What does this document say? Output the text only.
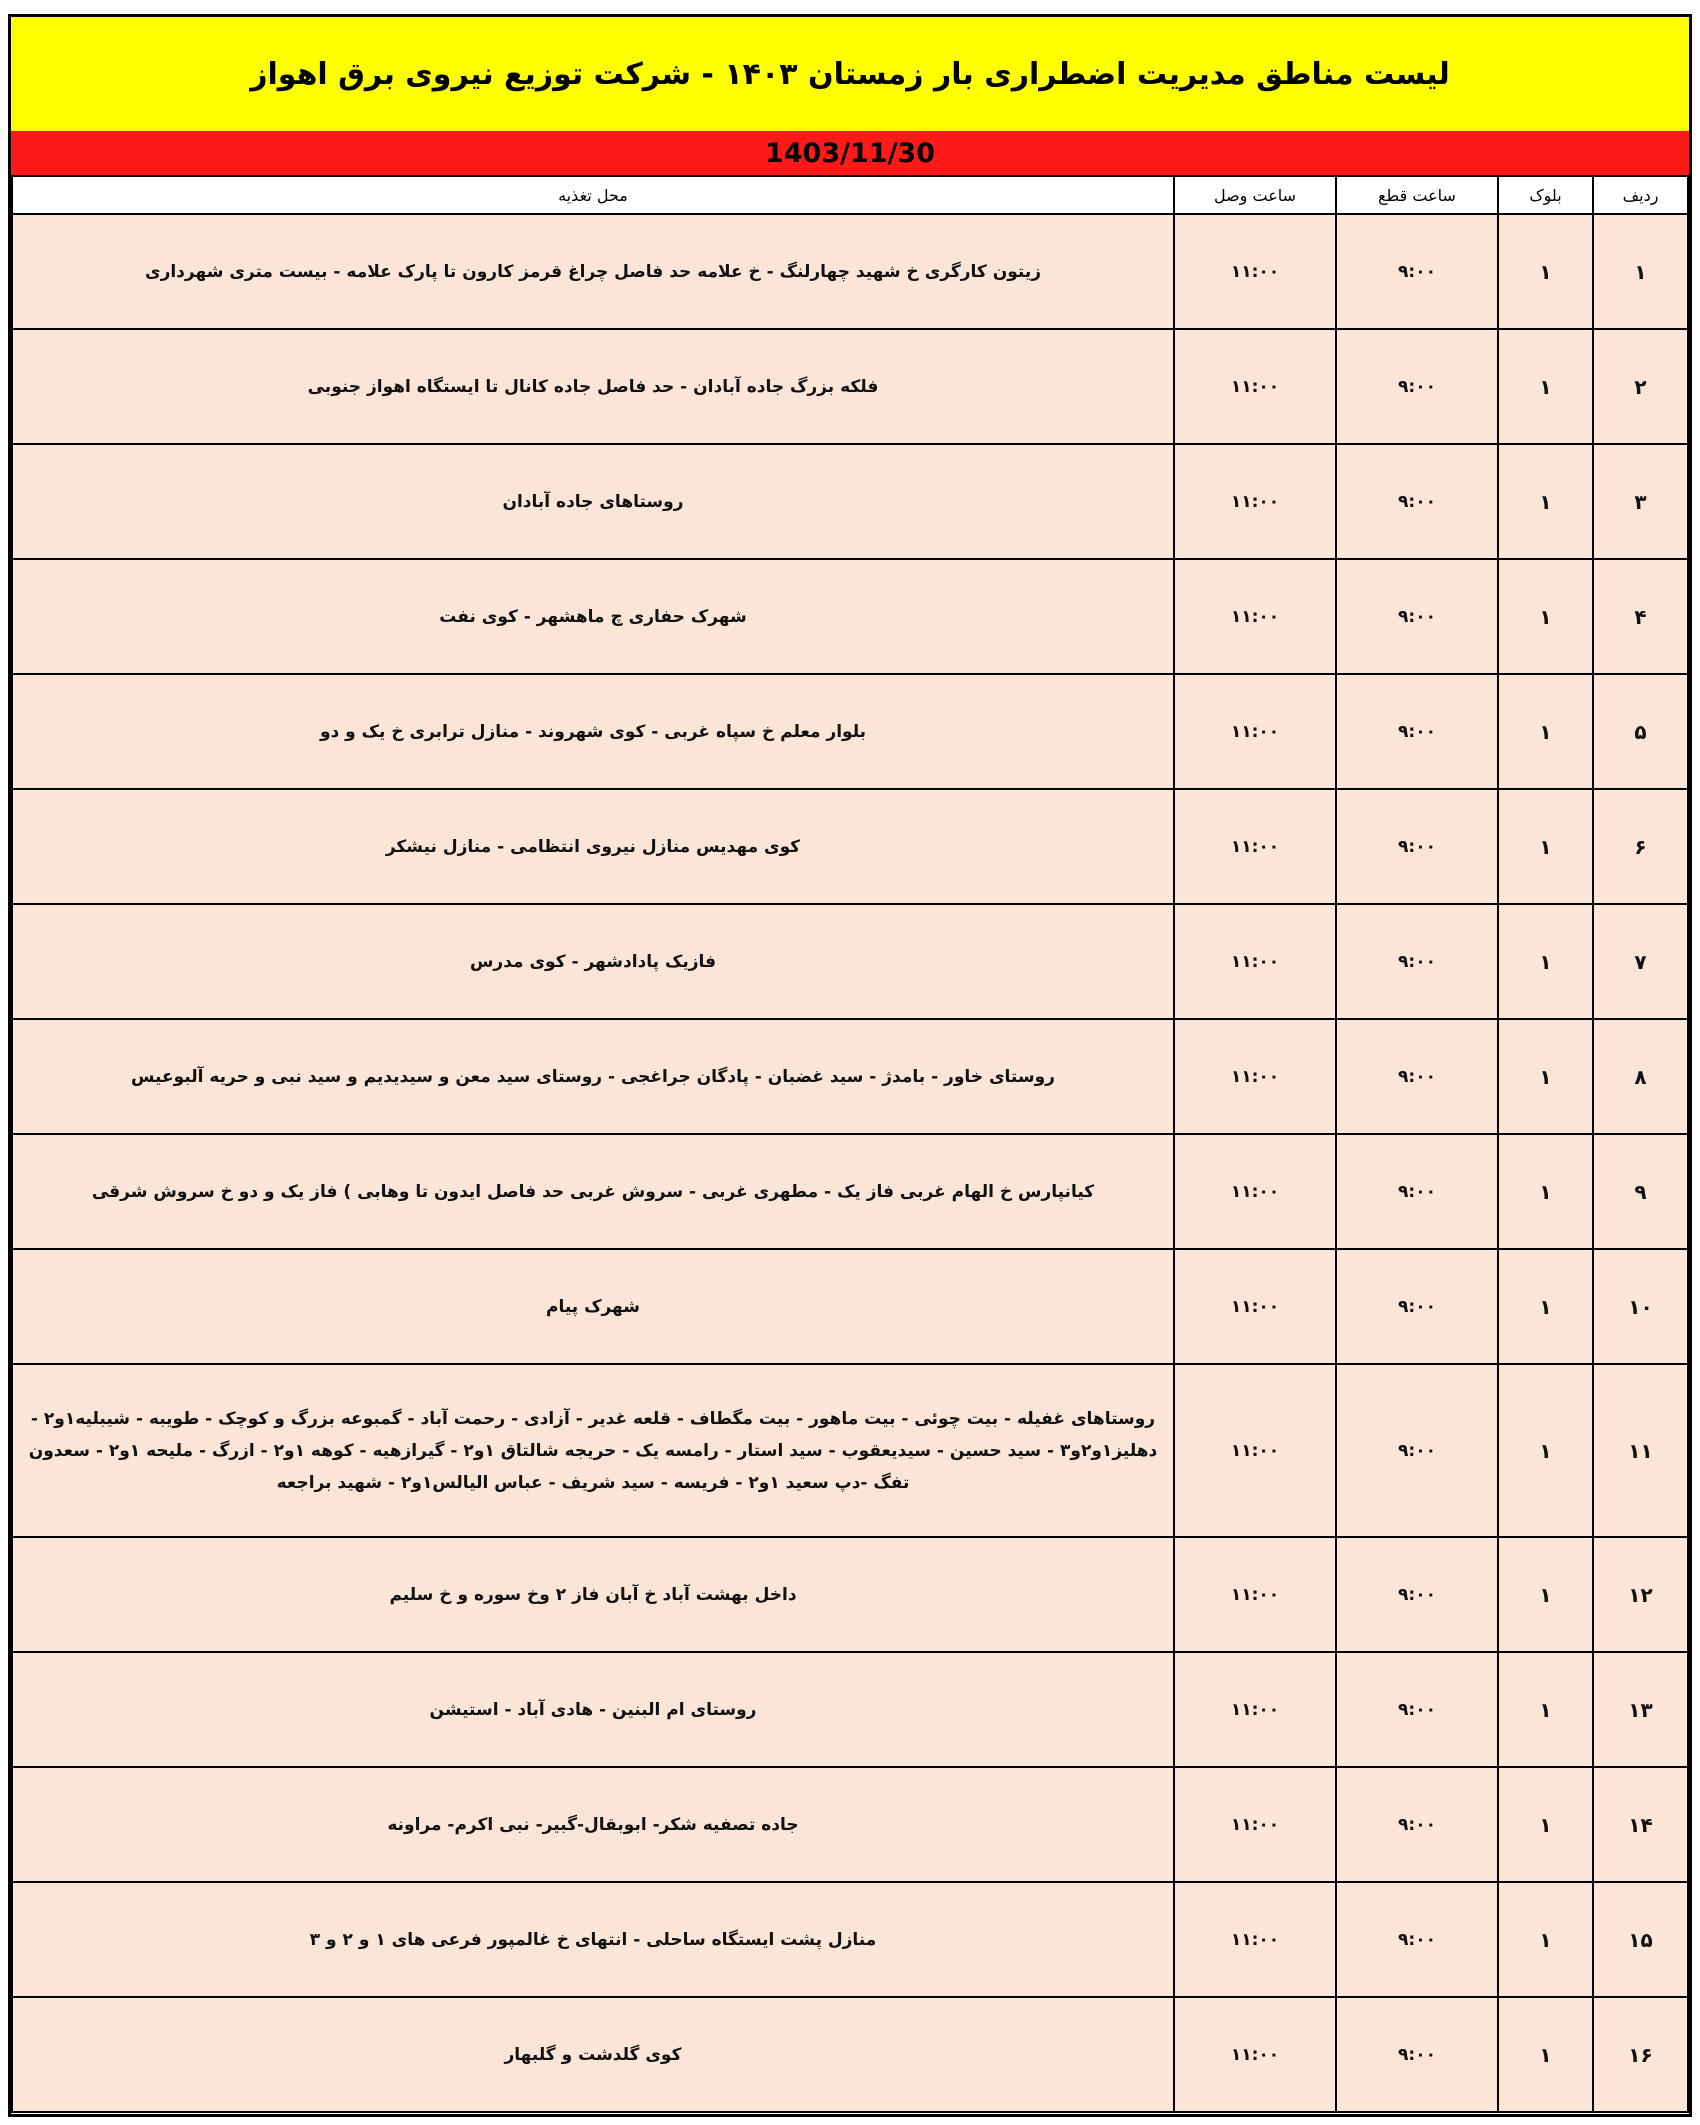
لیست مناطق مدیریت اضطراری بار زمستان ۱۴۰۳ - شرکت توزیع نیروی برق اهواز
1403/11/30
ردیف	بلوک	ساعت قطع	ساعت وصل	محل تغذیه
۱	۱	۹:۰۰	۱۱:۰۰	زیتون کارگری خ شهید چهارلنگ - خ علامه حد فاصل چراغ قرمز کارون تا پارک علامه - بیست متری شهرداری
۲	۱	۹:۰۰	۱۱:۰۰	فلکه بزرگ جاده آبادان - حد فاصل جاده کانال تا ایستگاه اهواز جنوبی
۳	۱	۹:۰۰	۱۱:۰۰	روستاهای جاده آبادان
۴	۱	۹:۰۰	۱۱:۰۰	شهرک حفاری چ ماهشهر - کوی نفت
۵	۱	۹:۰۰	۱۱:۰۰	بلوار معلم خ سپاه غربی - کوی شهروند - منازل ترابری خ یک و دو
۶	۱	۹:۰۰	۱۱:۰۰	کوی مهدیس منازل نیروی انتظامی - منازل نیشکر
۷	۱	۹:۰۰	۱۱:۰۰	فازیک پادادشهر - کوی مدرس
۸	۱	۹:۰۰	۱۱:۰۰	روستای خاور - بامدژ - سید غضبان - پادگان جراغجی - روستای سید معن و سیدیدیم و سید نبی و حریه آلبوعیس
۹	۱	۹:۰۰	۱۱:۰۰	کیانپارس خ الهام غربی فاز یک - مطهری غربی - سروش غربی حد فاصل ایدون تا وهابی ) فاز یک و دو خ سروش شرقی
۱۰	۱	۹:۰۰	۱۱:۰۰	شهرک پیام
۱۱	۱	۹:۰۰	۱۱:۰۰	روستاهای غفیله - بیت چوئی - بیت ماهور - بیت مگطاف - قلعه غدیر - آزادی - رحمت آباد - گمبوعه بزرگ و کوچک - طویبه - شیبلیه۱و۲ - دهلیز۱و۲و۳ - سید حسین - سیدیعقوب - سید استار - رامسه یک - حریجه شالتاق ۱و۲ - گیرازهیه - کوهه ۱و۲ - ازرگ - ملیحه ۱و۲ - سعدون تفگ -دپ سعید ۱و۲ - فریسه - سید شریف - عباس الیالس۱و۲ - شهید براجعه
۱۲	۱	۹:۰۰	۱۱:۰۰	داخل بهشت آباد خ آبان فاز ۲ وخ سوره و خ سلیم
۱۳	۱	۹:۰۰	۱۱:۰۰	روستای ام البنین - هادی آباد - استیشن
۱۴	۱	۹:۰۰	۱۱:۰۰	جاده تصفیه شکر- ابوبقال-گبیر- نبی اکرم- مراونه
۱۵	۱	۹:۰۰	۱۱:۰۰	منازل پشت ایستگاه ساحلی - انتهای خ غالمپور فرعی های ۱ و ۲ و ۳
۱۶	۱	۹:۰۰	۱۱:۰۰	کوی گلدشت و گلبهار
